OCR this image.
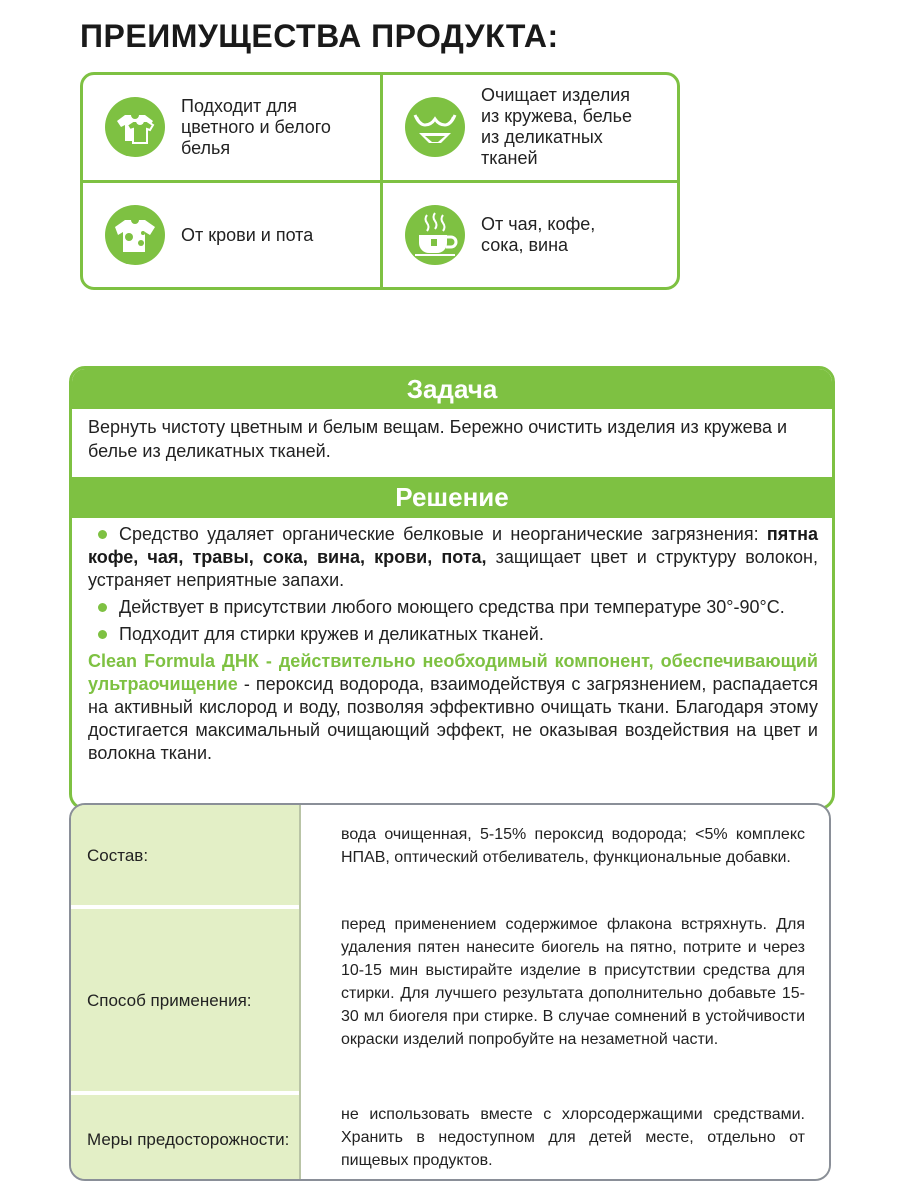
ПРЕИМУЩЕСТВА ПРОДУКТА:
Подходит для
цветного и белого
белья
Очищает изделия
из кружева, белье
из деликатных
тканей
От крови и пота
От чая, кофе,
сока, вина
Задача
Вернуть чистоту цветным и белым вещам. Бережно очистить изделия из кружева и белье из деликатных тканей.
Решение
Средство удаляет органические белковые и неорганические загрязнения: пятна кофе, чая, травы, сока, вина, крови, пота, защищает цвет и структуру волокон, устраняет неприятные запахи.
Действует в присутствии любого моющего средства при температуре 30°-90°С.
Подходит для стирки кружев и деликатных тканей.
Clean Formula ДНК - действительно необходимый компонент, обеспечивающий ультраочищение - пероксид водорода, взаимодействуя с загрязнением, распадается на активный кислород и воду, позволяя эффективно очищать ткани. Благодаря этому достигается максимальный очищающий эффект, не оказывая воздействия на цвет и волокна ткани.
Состав:
вода очищенная, 5-15% пероксид водорода; <5% комплекс НПАВ, оптический отбеливатель, функциональные добавки.
Способ применения:
перед применением содержимое флакона встряхнуть. Для удаления пятен нанесите биогель на пятно, потрите и через 10-15 мин выстирайте изделие в присутствии средства для стирки. Для лучшего результата дополнительно добавьте 15-30 мл биогеля при стирке. В случае сомнений в устойчивости окраски изделий попробуйте на незаметной части.
Меры предосторожности:
не использовать вместе с хлорсодержащими средствами. Хранить в недоступном для детей месте, отдельно от пищевых продуктов.
